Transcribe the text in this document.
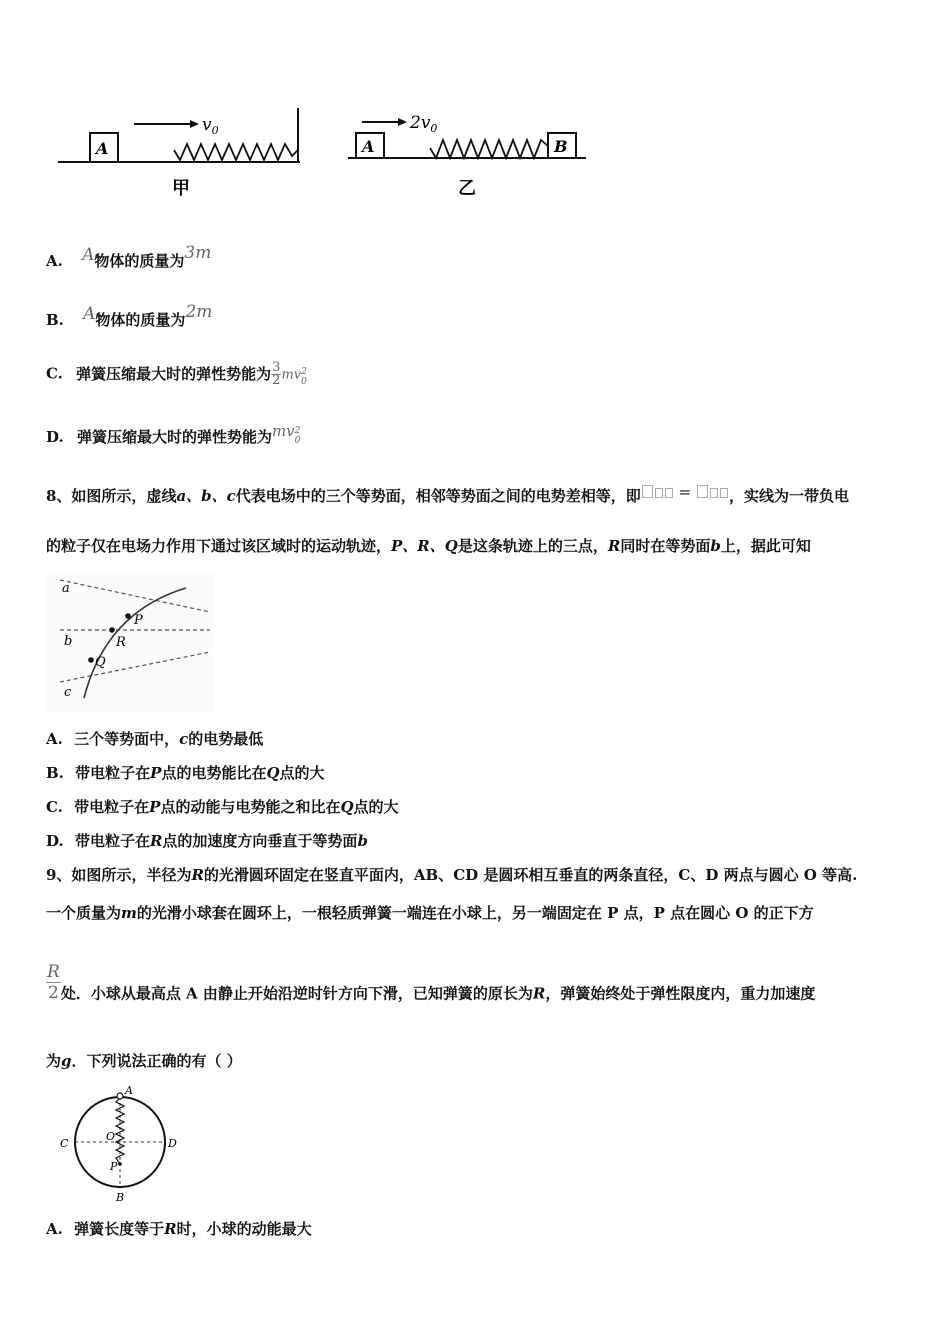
A
$v_0$
甲
A	B
$2v_0$
乙
A. A物体的质量为3m
B. A物体的质量为2m
C. 弹簧压缩最大时的弹性势能为 $\frac{3}{2}$ mv 2
0
D. 弹簧压缩最大时的弹性势能为mv 2
0
8、如图所示，虚线a、b、c代表电场中的三个等势面，相邻等势面之间的电势差相等，即	=	，实线为一带负电
的粒子仅在电场力作用下通过该区域时的运动轨迹，P、R、Q是这条轨迹上的三点，R同时在等势面b上，据此可知
a
b
c
P
R
Q
A. 三个等势面中，c的电势最低
B. 带电粒子在P点的电势能比在Q点的大
C. 带电粒子在P点的动能与电势能之和比在Q点的大
D. 带电粒子在R点的加速度方向垂直于等势面b
9、如图所示，半径为R的光滑圆环固定在竖直平面内，AB、CD 是圆环相互垂直的两条直径，C、D 两点与圆心 O 等高.
一个质量为m的光滑小球套在圆环上，一根轻质弹簧一端连在小球上，另一端固定在 P 点，P 点在圆心 O 的正下方
$\frac{R}{2}$ 处．小球从最高点 A 由静止开始沿逆时针方向下滑，已知弹簧的原长为R，弹簧始终处于弹性限度内，重力加速度
为g．下列说法正确的有（ ）
A
B
C	D
O
P
A. 弹簧长度等于R时，小球的动能最大
